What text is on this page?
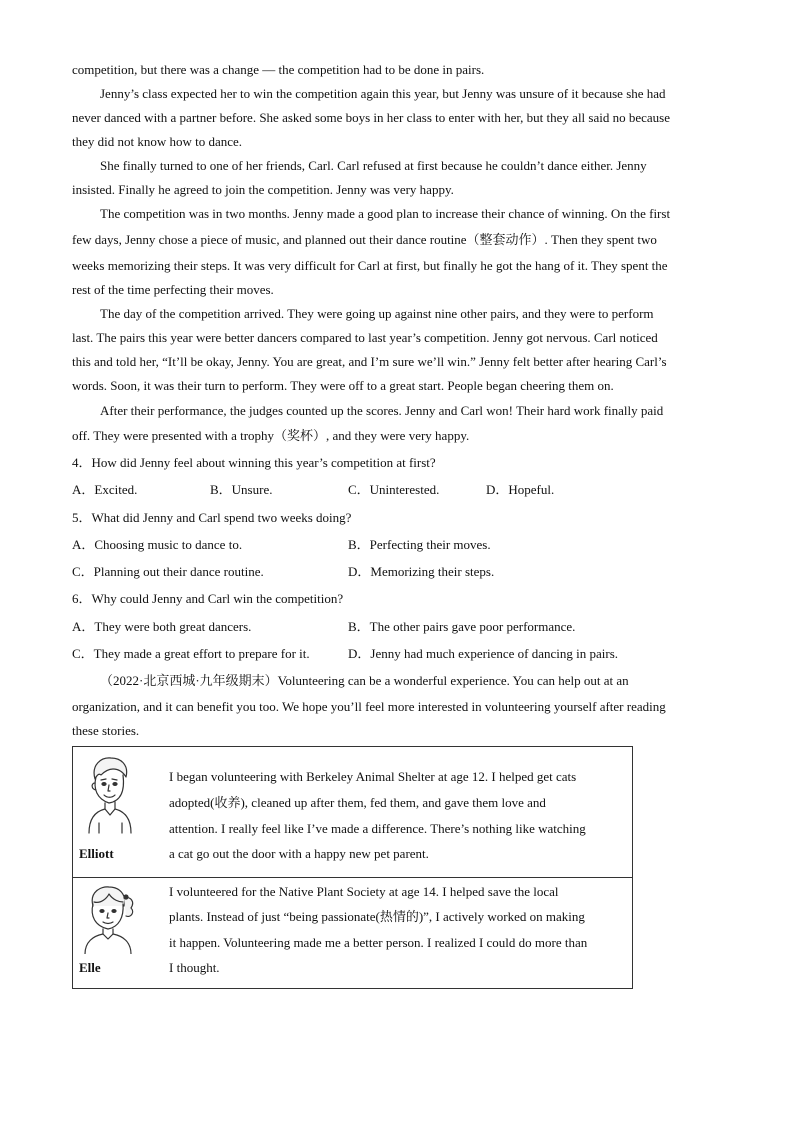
competition, but there was a change — the competition had to be done in pairs.
Jenny’s class expected her to win the competition again this year, but Jenny was unsure of it because she had
never danced with a partner before. She asked some boys in her class to enter with her, but they all said no because
they did not know how to dance.
She finally turned to one of her friends, Carl. Carl refused at first because he couldn’t dance either. Jenny
insisted. Finally he agreed to join the competition. Jenny was very happy.
The competition was in two months. Jenny made a good plan to increase their chance of winning. On the first
few days, Jenny chose a piece of music, and planned out their dance routine（整套动作）. Then they spent two
weeks memorizing their steps. It was very difficult for Carl at first, but finally he got the hang of it. They spent the
rest of the time perfecting their moves.
The day of the competition arrived. They were going up against nine other pairs, and they were to perform
last. The pairs this year were better dancers compared to last year’s competition. Jenny got nervous. Carl noticed
this and told her, “It’ll be okay, Jenny. You are great, and I’m sure we’ll win.” Jenny felt better after hearing Carl’s
words. Soon, it was their turn to perform. They were off to a great start. People began cheering them on.
After their performance, the judges counted up the scores. Jenny and Carl won! Their hard work finally paid
off. They were presented with a trophy（奖杯）, and they were very happy.
4．How did Jenny feel about winning this year’s competition at first?
A．Excited.	B．Unsure.	C．Uninterested.	D．Hopeful.
5．What did Jenny and Carl spend two weeks doing?
A．Choosing music to dance to.	B．Perfecting their moves.
C．Planning out their dance routine.	D．Memorizing their steps.
6．Why could Jenny and Carl win the competition?
A．They were both great dancers.	B．The other pairs gave poor performance.
C．They made a great effort to prepare for it.	D．Jenny had much experience of dancing in pairs.
（2022·北京西城·九年级期末）Volunteering can be a wonderful experience. You can help out at an
organization, and it can benefit you too. We hope you’ll feel more interested in volunteering yourself after reading
these stories.
Elliott	I began volunteering with Berkeley Animal Shelter at age 12. I helped get cats
adopted(收养), cleaned up after them, fed them, and gave them love and
attention. I really feel like I’ve made a difference. There’s nothing like watching
a cat go out the door with a happy new pet parent.

Elle	I volunteered for the Native Plant Society at age 14. I helped save the local
plants. Instead of just “being passionate(热情的)”, I actively worked on making
it happen. Volunteering made me a better person. I realized I could do more than
I thought.
